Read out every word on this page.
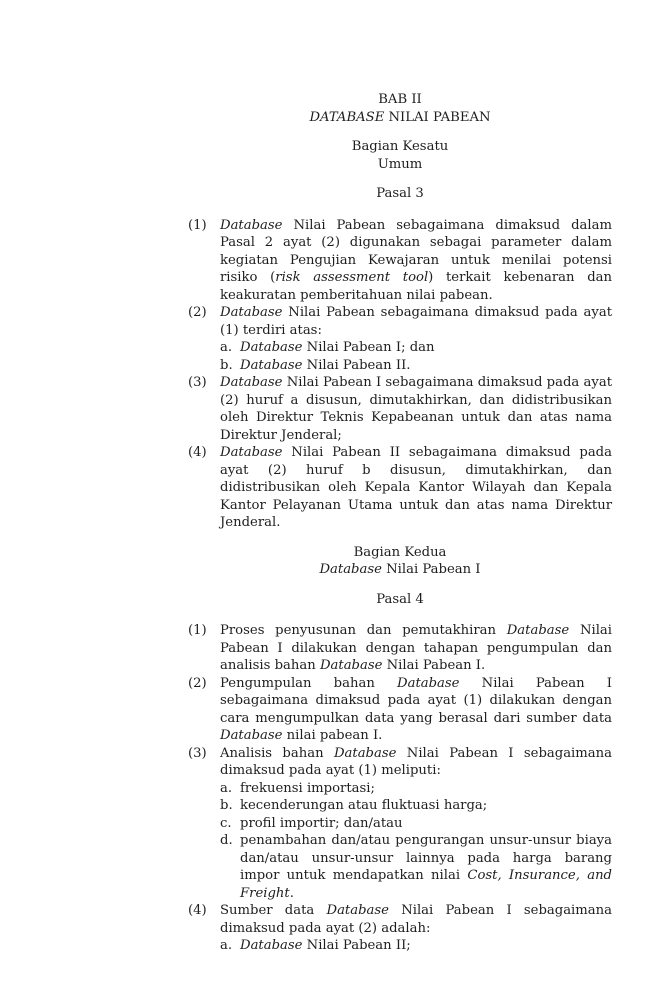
BAB II
DATABASE NILAI PABEAN
Bagian Kesatu
Umum
Pasal 3
(1)	Database Nilai Pabean sebagaimana dimaksud dalam Pasal 2 ayat (2) digunakan sebagai parameter dalam kegiatan Pengujian Kewajaran untuk menilai potensi risiko (risk assessment tool) terkait kebenaran dan keakuratan pemberitahuan nilai pabean.
(2)	Database Nilai Pabean sebagaimana dimaksud pada ayat (1) terdiri atas:
a. Database Nilai Pabean I; dan
b. Database Nilai Pabean II.
(3)	Database Nilai Pabean I sebagaimana dimaksud pada ayat (2) huruf a disusun, dimutakhirkan, dan didistribusikan oleh Direktur Teknis Kepabeanan untuk dan atas nama Direktur Jenderal;
(4)	Database Nilai Pabean II sebagaimana dimaksud pada ayat (2) huruf b disusun, dimutakhirkan, dan didistribusikan oleh Kepala Kantor Wilayah dan Kepala Kantor Pelayanan Utama untuk dan atas nama Direktur Jenderal.
Bagian Kedua
Database Nilai Pabean I
Pasal 4
(1)	Proses penyusunan dan pemutakhiran Database Nilai Pabean I dilakukan dengan tahapan pengumpulan dan analisis bahan Database Nilai Pabean I.
(2)	Pengumpulan bahan Database Nilai Pabean I sebagaimana dimaksud pada ayat (1) dilakukan dengan cara mengumpulkan data yang berasal dari sumber data Database nilai pabean I.
(3)	Analisis bahan Database Nilai Pabean I sebagaimana dimaksud pada ayat (1) meliputi:
a. frekuensi importasi;
b. kecenderungan atau fluktuasi harga;
c. profil importir; dan/atau
d. penambahan dan/atau pengurangan unsur-unsur biaya dan/atau unsur-unsur lainnya pada harga barang impor untuk mendapatkan nilai Cost, Insurance, and Freight.
(4)	Sumber data Database Nilai Pabean I sebagaimana dimaksud pada ayat (2) adalah:
a. Database Nilai Pabean II;
